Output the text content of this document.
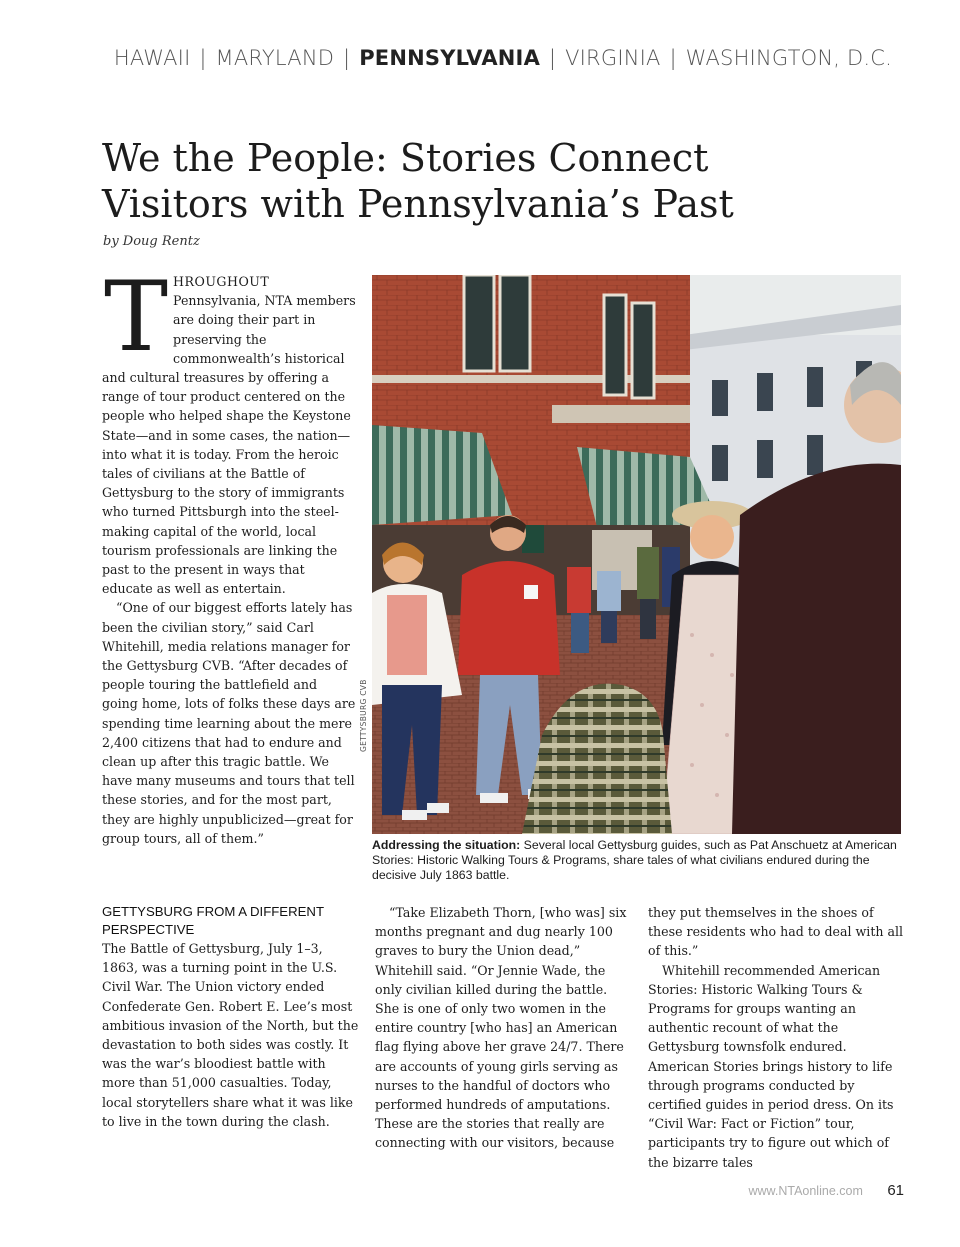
HAWAII | MARYLAND | PENNSYLVANIA | VIRGINIA | WASHINGTON, D.C.
We the People: Stories Connect
Visitors with Pennsylvania’s Past
by Doug Rentz

THROUGHOUT Pennsylvania, NTA members are doing their part in preserving the commonwealth’s historical and cultural treasures by offering a range of tour product centered on the people who helped shape the Keystone State—and in some cases, the nation—into what it is today. From the heroic tales of civilians at the Battle of Gettysburg to the story of immigrants who turned Pittsburgh into the steel-making capital of the world, local tourism professionals are linking the past to the present in ways that educate as well as entertain.

“One of our biggest efforts lately has been the civilian story,” said Carl Whitehill, media relations manager for the Gettysburg CVB. “After decades of people touring the battlefield and going home, lots of folks these days are spending time learning about the mere 2,400 citizens that had to endure and clean up after this tragic battle. We have many museums and tours that tell these stories, and for the most part, they are highly unpublicized—great for group tours, all of them.”

GETTYSBURG CVB
Addressing the situation: Several local Gettysburg guides, such as Pat Anschuetz at American Stories: Historic Walking Tours & Programs, share tales of what civilians endured during the decisive July 1863 battle.
GETTYSBURG FROM A DIFFERENT PERSPECTIVE

The Battle of Gettysburg, July 1–3, 1863, was a turning point in the U.S. Civil War. The Union victory ended Confederate Gen. Robert E. Lee’s most ambitious invasion of the North, but the devastation to both sides was costly. It was the war’s bloodiest battle with more than 51,000 casualties. Today, local storytellers share what it was like to live in the town during the clash.

“Take Elizabeth Thorn, [who was] six months pregnant and dug nearly 100 graves to bury the Union dead,” Whitehill said. “Or Jennie Wade, the only civilian killed during the battle. She is one of only two women in the entire country [who has] an American flag flying above her grave 24/7. There are accounts of young girls serving as nurses to the handful of doctors who performed hundreds of amputations. These are the stories that really are connecting with our visitors, because

they put themselves in the shoes of these residents who had to deal with all of this.”

Whitehill recommended American Stories: Historic Walking Tours & Programs for groups wanting an authentic recount of what the Gettysburg townsfolk endured. American Stories brings history to life through programs conducted by certified guides in period dress. On its “Civil War: Fact or Fiction” tour, participants try to figure out which of the bizarre tales

www.NTAonline.com 61
